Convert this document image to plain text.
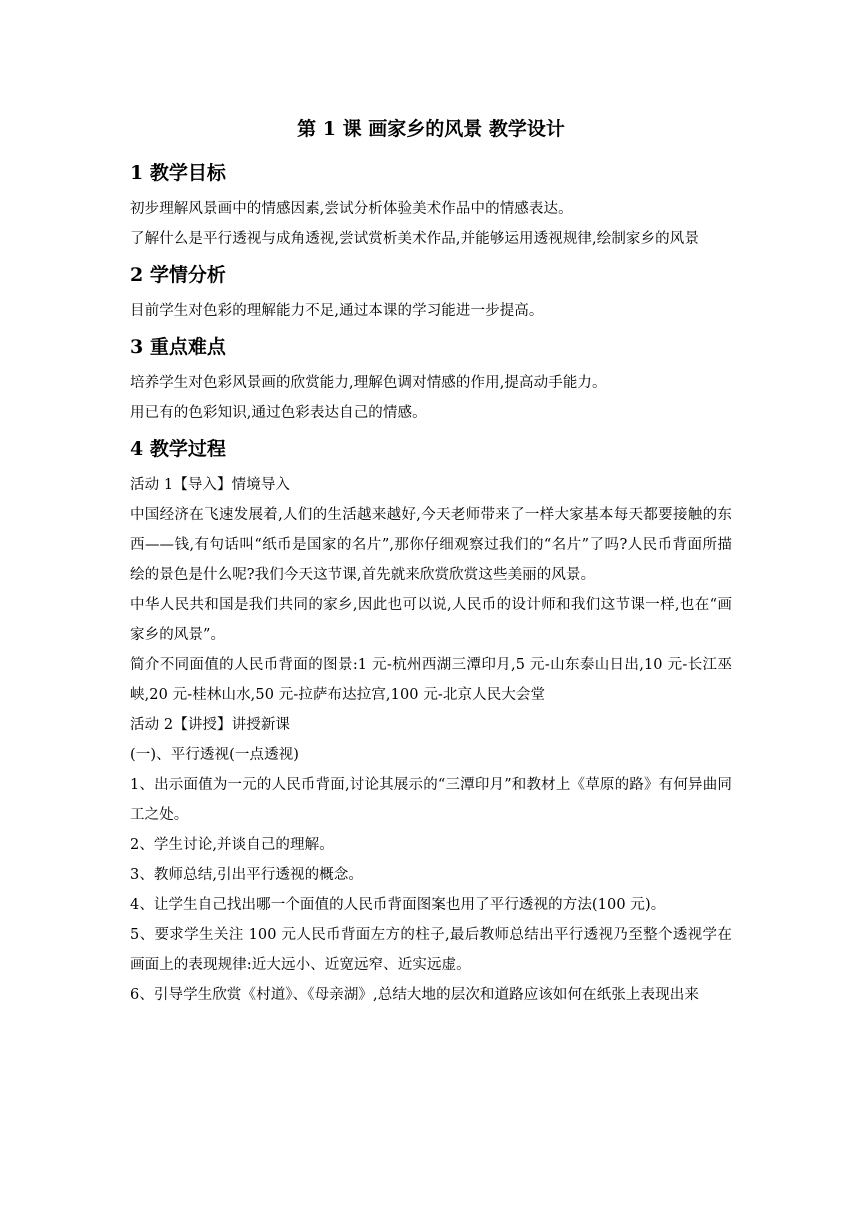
第 1 课 画家乡的风景 教学设计
1 教学目标

初步理解风景画中的情感因素,尝试分析体验美术作品中的情感表达。

了解什么是平行透视与成角透视,尝试赏析美术作品,并能够运用透视规律,绘制家乡的风景

2 学情分析

目前学生对色彩的理解能力不足,通过本课的学习能进一步提高。

3 重点难点

培养学生对色彩风景画的欣赏能力,理解色调对情感的作用,提高动手能力。

用已有的色彩知识,通过色彩表达自己的情感。

4 教学过程

活动 1【导入】情境导入

中国经济在飞速发展着,人们的生活越来越好,今天老师带来了一样大家基本每天都要接触的东西——钱,有句话叫“纸币是国家的名片”,那你仔细观察过我们的“名片”了吗?人民币背面所描绘的景色是什么呢?我们今天这节课,首先就来欣赏欣赏这些美丽的风景。

中华人民共和国是我们共同的家乡,因此也可以说,人民币的设计师和我们这节课一样,也在“画家乡的风景”。

简介不同面值的人民币背面的图景:1 元-杭州西湖三潭印月,5 元-山东泰山日出,10 元-长江巫峡,20 元-桂林山水,50 元-拉萨布达拉宫,100 元-北京人民大会堂

活动 2【讲授】讲授新课

(一)、平行透视(一点透视)

1、出示面值为一元的人民币背面,讨论其展示的“三潭印月”和教材上《草原的路》有何异曲同工之处。

2、学生讨论,并谈自己的理解。

3、教师总结,引出平行透视的概念。

4、让学生自己找出哪一个面值的人民币背面图案也用了平行透视的方法(100 元)。

5、要求学生关注 100 元人民币背面左方的柱子,最后教师总结出平行透视乃至整个透视学在画面上的表现规律:近大远小、近宽远窄、近实远虚。

6、引导学生欣赏《村道》、《母亲湖》,总结大地的层次和道路应该如何在纸张上表现出来
